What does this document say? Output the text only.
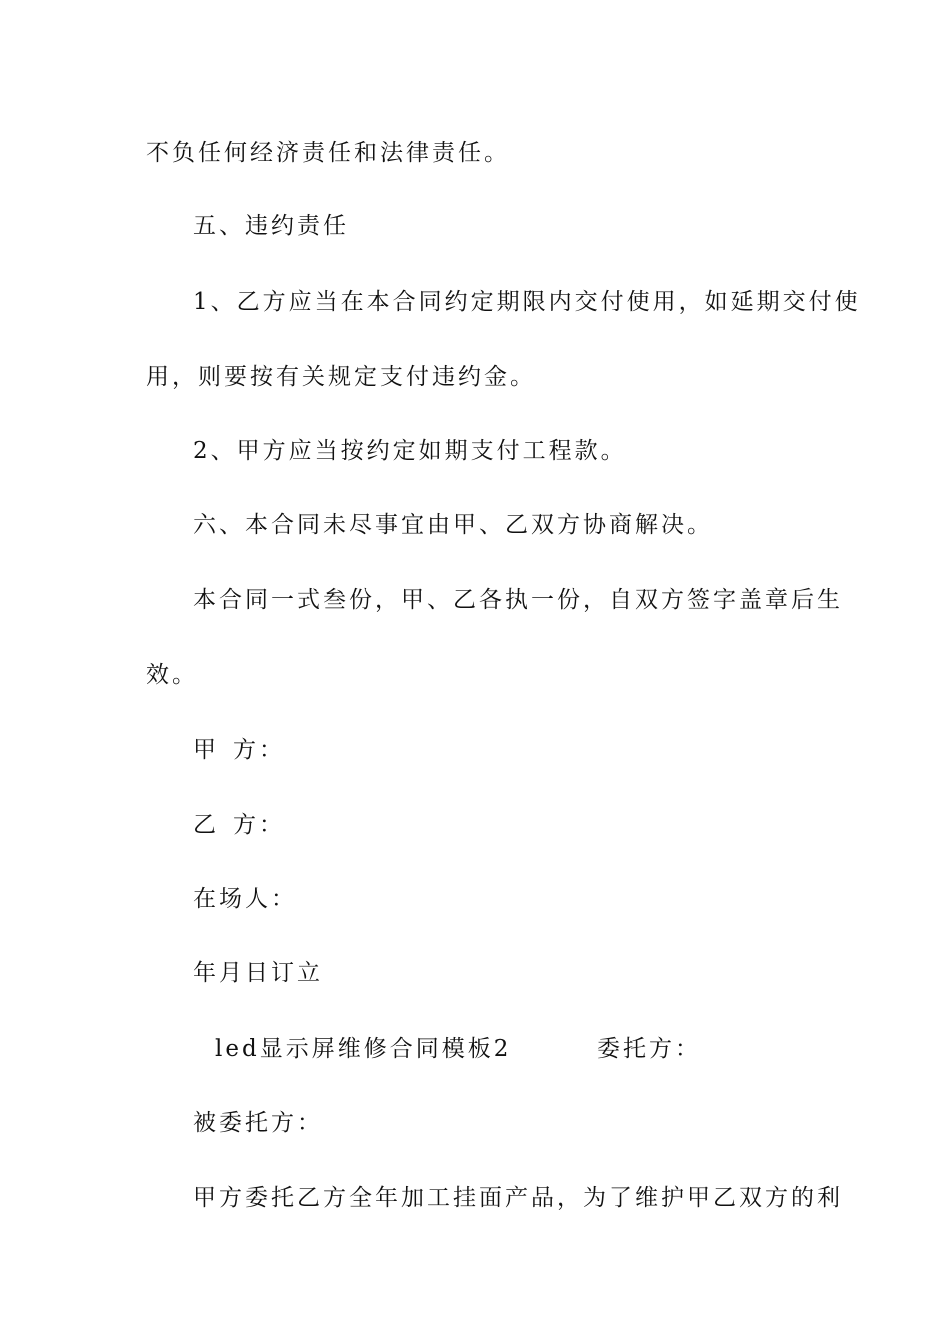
不负任何经济责任和法律责任。
五、违约责任
1、乙方应当在本合同约定期限内交付使用，如延期交付使
用，则要按有关规定支付违约金。
2、甲方应当按约定如期支付工程款。
六、本合同未尽事宜由甲、乙双方协商解决。
本合同一式叁份，甲、乙各执一份，自双方签字盖章后生
效。
甲 方：
乙 方：
在场人：
年月日订立
led显示屏维修合同模板2	委托方：
被委托方：
甲方委托乙方全年加工挂面产品，为了维护甲乙双方的利
